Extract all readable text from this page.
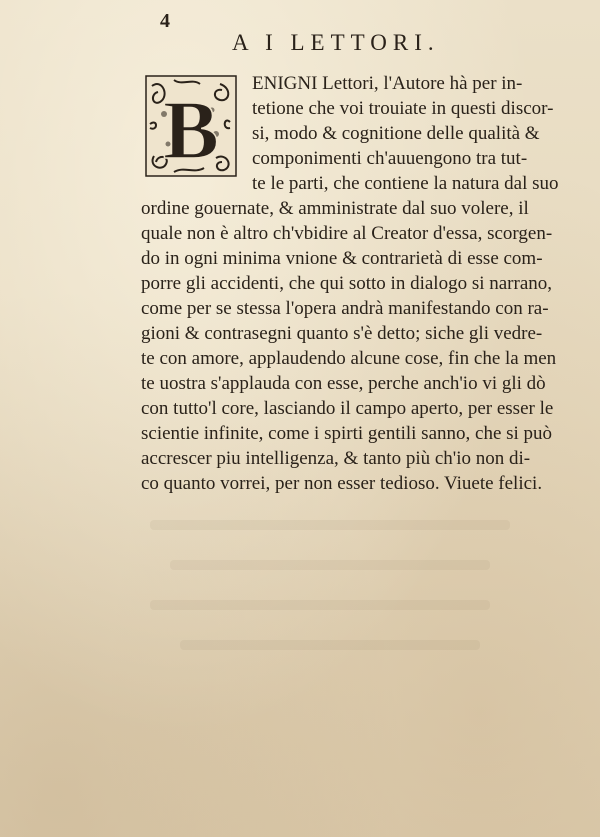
4
A I LETTORI.
B
ENIGNI Lettori, l'Autore hà per in-
tetione che voi trouiate in questi discor-
si, modo & cognitione delle qualità &
componimenti ch'auuengono tra tut-
te le parti, che contiene la natura dal suo
ordine gouernate, & amministrate dal suo volere, il
quale non è altro ch'vbidire al Creator d'essa, scorgen-
do in ogni minima vnione & contrarietà di esse com-
porre gli accidenti, che qui sotto in dialogo si narrano,
come per se stessa l'opera andrà manifestando con ra-
gioni & contrasegni quanto s'è detto; siche gli vedre-
te con amore, applaudendo alcune cose, fin che la men
te uostra s'applauda con esse, perche anch'io vi gli dò
con tutto'l core, lasciando il campo aperto, per esser le
scientie infinite, come i spirti gentili sanno, che si può
accrescer piu intelligenza, & tanto più ch'io non di-
co quanto vorrei, per non esser tedioso. Viuete felici.
